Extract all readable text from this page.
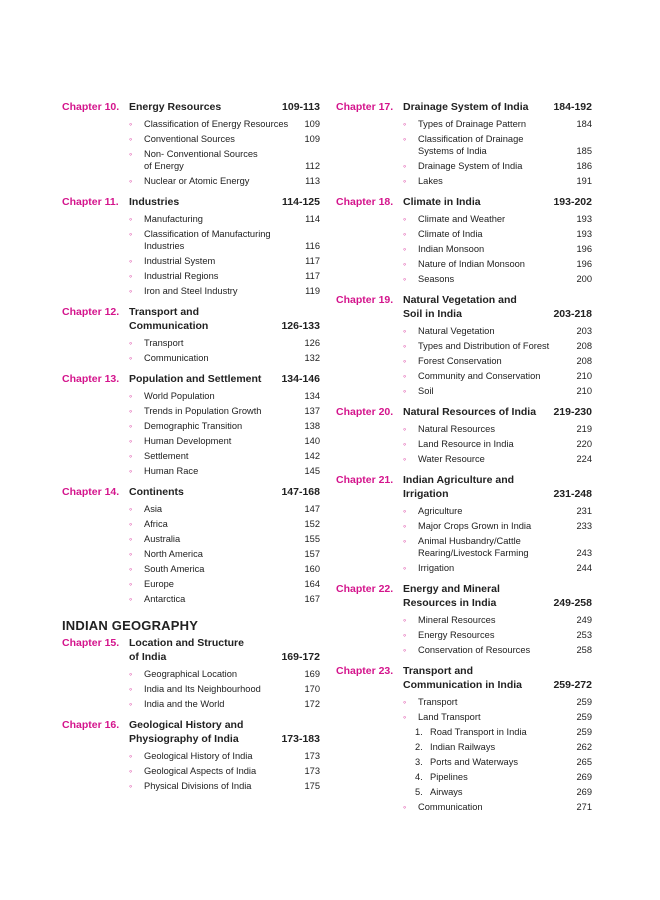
Chapter 10. Energy Resources	109-113
◦	Classification of Energy Resources 109
◦	Conventional Sources	109
◦	Non- Conventional Sources
of Energy	112
◦	Nuclear or Atomic Energy	113
Chapter 11. Industries	114-125
◦	Manufacturing	114
◦	Classification of Manufacturing
Industries	116
◦	Industrial System	117
◦	Industrial Regions	117
◦	Iron and Steel Industry	119
Chapter 12. Transport and
Communication	126-133
◦	Transport	126
◦	Communication	132
Chapter 13. Population and Settlement 134-146
◦	World Population	134
◦	Trends in Population Growth	137
◦	Demographic Transition	138
◦	Human Development	140
◦	Settlement	142
◦	Human Race	145
Chapter 14. Continents	147-168
◦	Asia	147
◦	Africa	152
◦	Australia	155
◦	North America	157
◦	South America	160
◦	Europe	164
◦	Antarctica	167
INDIAN GEOGRAPHY
Chapter 15. Location and Structure
of India	169-172
◦	Geographical Location	169
◦	India and Its Neighbourhood	170
◦	India and the World	172
Chapter 16. Geological History and
Physiography of India	173-183
◦	Geological History of India	173
◦	Geological Aspects of India	173
◦	Physical Divisions of India	175
Chapter 17. Drainage System of India 184-192
◦	Types of Drainage Pattern	184
◦	Classification of Drainage
Systems of India	185
◦	Drainage System of India	186
◦	Lakes	191
Chapter 18. Climate in India	193-202
◦	Climate and Weather	193
◦	Climate of India	193
◦	Indian Monsoon	196
◦	Nature of Indian Monsoon	196
◦	Seasons	200
Chapter 19. Natural Vegetation and
Soil in India	203-218
◦	Natural Vegetation	203
◦	Types and Distribution of Forest	208
◦	Forest Conservation	208
◦	Community and Conservation	210
◦	Soil	210
Chapter 20. Natural Resources of India 219-230
◦	Natural Resources	219
◦	Land Resource in India	220
◦	Water Resource	224
Chapter 21. Indian Agriculture and
Irrigation	231-248
◦	Agriculture	231
◦	Major Crops Grown in India	233
◦	Animal Husbandry/Cattle
Rearing/Livestock Farming	243
◦	Irrigation	244
Chapter 22. Energy and Mineral
Resources in India	249-258
◦	Mineral Resources	249
◦	Energy Resources	253
◦	Conservation of Resources	258
Chapter 23. Transport and
Communication in India	259-272
◦	Transport	259
◦	Land Transport	259
1. Road Transport in India	259
2. Indian Railways	262
3. Ports and Waterways	265
4. Pipelines	269
5. Airways	269
◦	Communication	271
